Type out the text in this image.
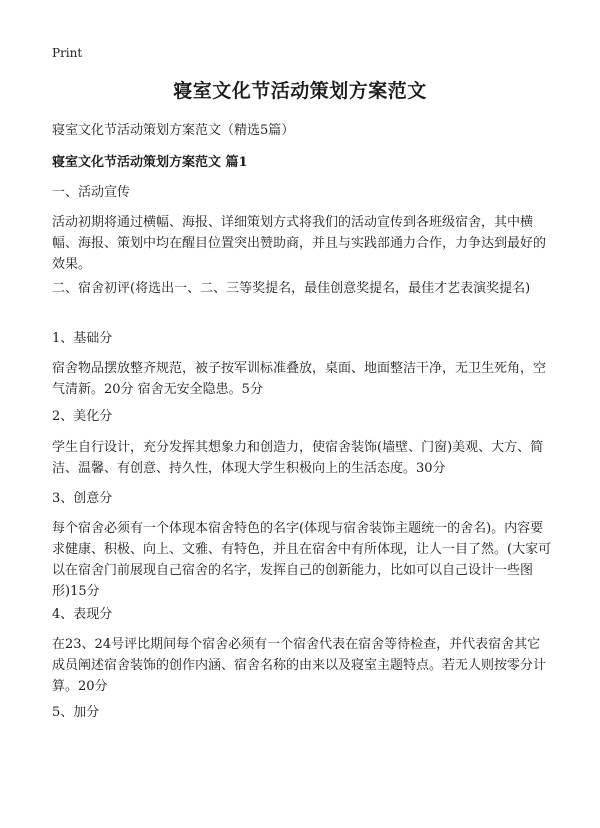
Print
寝室文化节活动策划方案范文
寝室文化节活动策划方案范文（精选5篇）
寝室文化节活动策划方案范文 篇1
一、活动宣传
活动初期将通过横幅、海报、详细策划方式将我们的活动宣传到各班级宿舍，其中横幅、海报、策划中均在醒目位置突出赞助商，并且与实践部通力合作，力争达到最好的效果。
二、宿舍初评(将选出一、二、三等奖提名，最佳创意奖提名，最佳才艺表演奖提名)
1、基础分
宿舍物品摆放整齐规范，被子按军训标准叠放，桌面、地面整洁干净，无卫生死角，空气清新。20分 宿舍无安全隐患。5分
2、美化分
学生自行设计，充分发挥其想象力和创造力，使宿舍装饰(墙壁、门窗)美观、大方、简洁、温馨、有创意、持久性，体现大学生积极向上的生活态度。30分
3、创意分
每个宿舍必须有一个体现本宿舍特色的名字(体现与宿舍装饰主题统一的舍名)。内容要求健康、积极、向上、文雅、有特色，并且在宿舍中有所体现，让人一目了然。(大家可以在宿舍门前展现自己宿舍的名字，发挥自己的创新能力，比如可以自己设计一些图形)15分
4、表现分
在23、24号评比期间每个宿舍必须有一个宿舍代表在宿舍等待检查，并代表宿舍其它成员阐述宿舍装饰的创作内涵、宿舍名称的由来以及寝室主题特点。若无人则按零分计算。20分
5、加分
